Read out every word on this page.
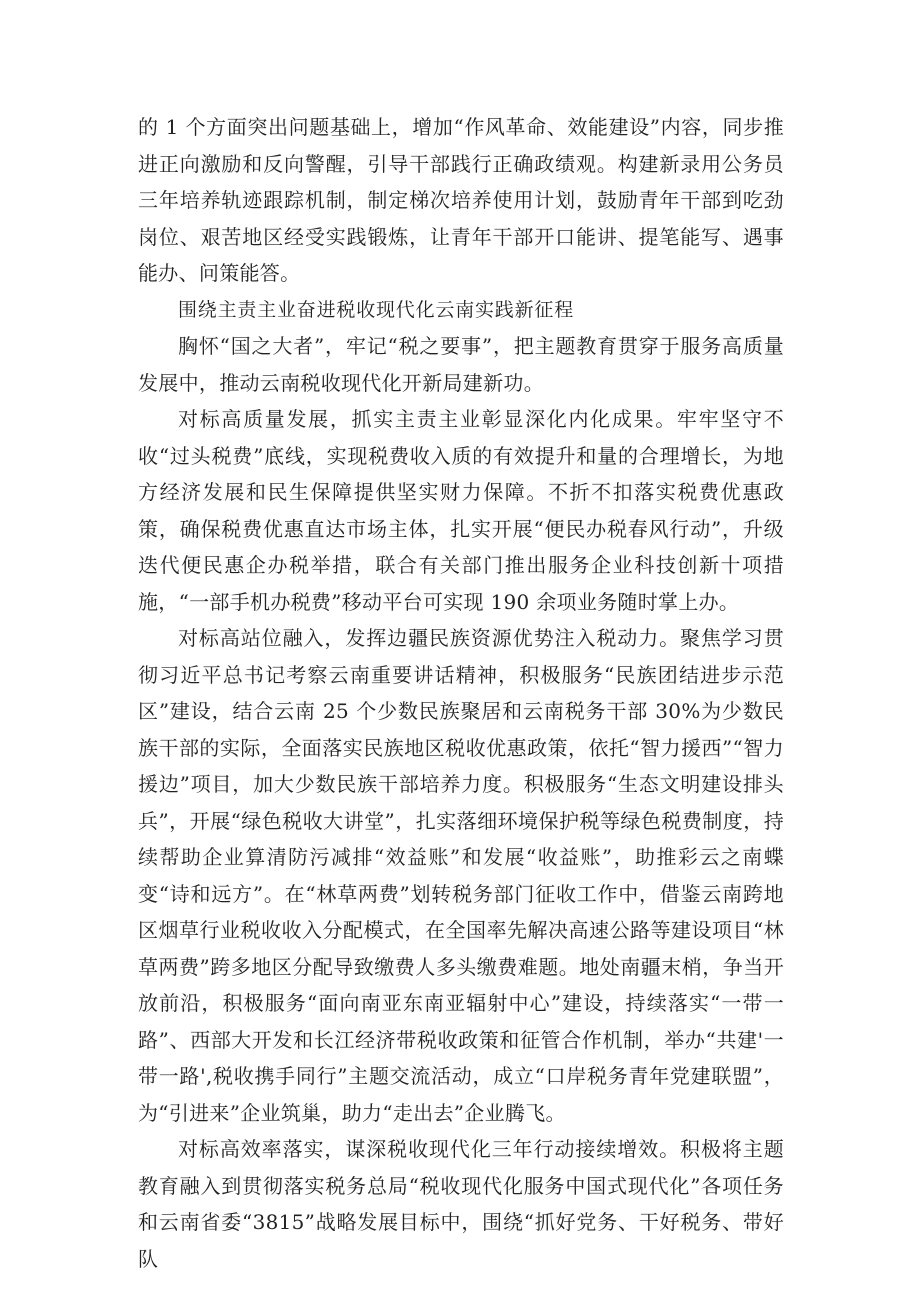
的 1 个方面突出问题基础上，增加“作风革命、效能建设”内容，同步推进正向激励和反向警醒，引导干部践行正确政绩观。构建新录用公务员三年培养轨迹跟踪机制，制定梯次培养使用计划，鼓励青年干部到吃劲岗位、艰苦地区经受实践锻炼，让青年干部开口能讲、提笔能写、遇事能办、问策能答。

围绕主责主业奋进税收现代化云南实践新征程

胸怀“国之大者”，牢记“税之要事”，把主题教育贯穿于服务高质量发展中，推动云南税收现代化开新局建新功。

对标高质量发展，抓实主责主业彰显深化内化成果。牢牢坚守不收“过头税费”底线，实现税费收入质的有效提升和量的合理增长，为地方经济发展和民生保障提供坚实财力保障。不折不扣落实税费优惠政策，确保税费优惠直达市场主体，扎实开展“便民办税春风行动”，升级迭代便民惠企办税举措，联合有关部门推出服务企业科技创新十项措施，“一部手机办税费”移动平台可实现 190 余项业务随时掌上办。

对标高站位融入，发挥边疆民族资源优势注入税动力。聚焦学习贯彻习近平总书记考察云南重要讲话精神，积极服务“民族团结进步示范区”建设，结合云南 25 个少数民族聚居和云南税务干部 30%为少数民族干部的实际，全面落实民族地区税收优惠政策，依托“智力援西”“智力援边”项目，加大少数民族干部培养力度。积极服务“生态文明建设排头兵”，开展“绿色税收大讲堂”，扎实落细环境保护税等绿色税费制度，持续帮助企业算清防污减排“效益账”和发展“收益账”，助推彩云之南蝶变“诗和远方”。在“林草两费”划转税务部门征收工作中，借鉴云南跨地区烟草行业税收收入分配模式，在全国率先解决高速公路等建设项目“林草两费”跨多地区分配导致缴费人多头缴费难题。地处南疆末梢，争当开放前沿，积极服务“面向南亚东南亚辐射中心”建设，持续落实“一带一路”、西部大开发和长江经济带税收政策和征管合作机制，举办“共建'一带一路',税收携手同行”主题交流活动，成立“口岸税务青年党建联盟”，为“引进来”企业筑巢，助力“走出去”企业腾飞。

对标高效率落实，谋深税收现代化三年行动接续增效。积极将主题教育融入到贯彻落实税务总局“税收现代化服务中国式现代化”各项任务和云南省委“3815”战略发展目标中，围绕“抓好党务、干好税务、带好队
